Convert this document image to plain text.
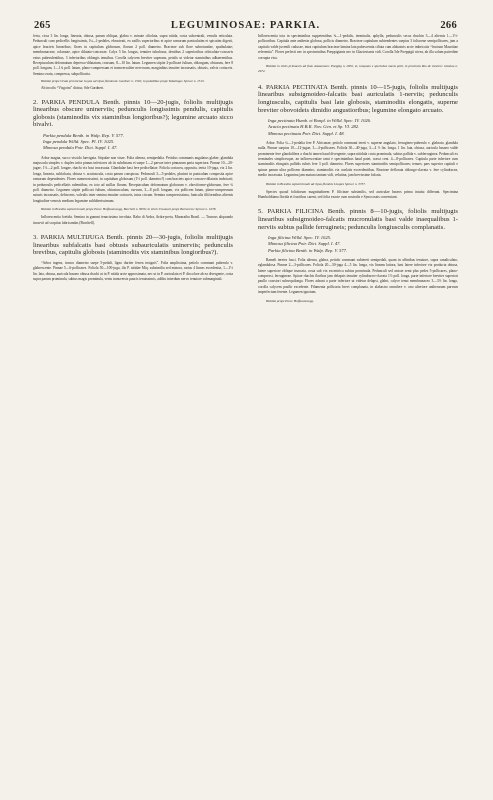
265	LEGUMINOSAE: PARKIA.	266

ferta, circa 3 lin. longa, linearia, obtusa, parum obliqua, glabra v. minute ciliolata, supra nitida, costa subcentrali, venulis reticulata. Pedunculi cum pedicellis longissimis, l¼—l-pedales, ebracteati, ex axillis superioribus et apice ramorum paniculatim et spicatim digesti, apice bracteis linearibus; flores in capitulum globosum, florum 2 poll. diametro. Bracteae sub flore subrotundae, spathulatae; membranaceae, colaratae, apice dilatato-concavae. Calyx 5 lin. longus, tenuiter tubulosus, dentibus 2 superioribus orbiculato-concavis extus puberulentibus, 3 inferioribus oblongis tenuibus. Corolla calycem breviter superans, petalis ut videtur staminibus adhaerentibus. Receptaculum deformatum depresso-dilatatum, crassum, 8—10 lin. latum. Legumen stipite 2-pollicari fultum, oblongum, obtusum, fere 8 poll. longum, 1—1¼ poll. latum, plano-compressum et transversaliter nervosum, marginibus tenuiter incrassatis, obtusis, valvis coriaceis. Semina ovata, compressa, subpollicaria.

Habitat prope Orata provinciae Goyaz ad ripas fluminum: Gardner n. 1592; in paludibus prope Tabatinga: Spruce n. 1513.

Ab incolis “Visgoira” dicitur, Sde Gardneri.

2. PARKIA PENDULA Benth. pinnis 10—20-jugis, foliolis multijugis linearibus obscure uninerviis; pedunculis longissimis pendulis, capitulis globosis (staminodiis vix staminibus longioribus?); legumine arcuato sicco bivalvi.
Parkia pendula Benth. in Walp. Rep. V. 577.
Inga pendula Willd. Spec. Pl. IV. 1025.
Mimosa pendula Poir. Dict. Suppl. I. 47.

Arbor magna, succo viscido laevigata. Stipulae non visae. Folia alterna, semipedalia. Petiolus communis angulatus glaber; glandula majuscula simplex v. duplex infra pinnas inferiores ab iis subdistans et saepe 1—2 parvae inter pinnarum paria superiora. Pinnae 10—20-jugae, 1½—2 poll. longae, rhachi vix basi incrassata. Glandulae basi fere pedicellatae. Foliola coriacea, opposita, tertia 10-juga, vix 2 lin. longa, linearia, subfalcata, obtusa v. acutiuscula, costa parum conspicua. Pedunculi 3—5-pedales, plurimi in paniculam composita apice ramorum dependentes. Flores numerosissimi, in capitulum globosum (1½ poll. diametro?) cum bracteis apice concavo-dilatatis imbricati; in pedunculis pedicellatis rubentibus, ex toto ad axillas florum. Receptaculum deformatum globosum v. oboviforme-globosum, fere ¾ poll. diametro. Legumen stipite pollicari fultum, obtusiusculum, curvum, 3—8 poll. longum, vix pollicem latum, plano-compressum suturis incrassatis, dehiscens, valvulis inter semina tenuiter coriaceis, intus circum. Semina compressissima, funiculis filiformibus alternis longitudine venosis medium legumine subhiberissimum.

Habitat in Brasilia septentrionali prope Para: Hoffmannsegg, Burchell n. 9656; in silvis Uraunari prope Barrarens: Spruce n. 1078.

Inflorescentia foetida. Semina in gummi tenacissimo involuta. Rabo di Ardra, Ardra-preta, Muraraiba Brasil. — Truncus aliquando incurvit ad scopitas fabricandas (Burchell).

3. PARKIA MULTIJUGA Benth. pinnis 20—30-jugis, foliolis multijugis linearibus subfalcatis basi obtusis subauriculatis uninerviis; pedunculis brevibus, capitulis globosis (staminodiis vix staminibus longioribus?).

“Arbor ingens, trunco diametro saepe 5-pedali, ligno duriter ferrea insignis”. Folia amplissima, petiolo communi puberulo v. glabrescente. Pinnae 5—6-pollicares. Foliola 50—100-juga, ilis P. nitidae Miq. subsimilia sed minora, rarius 4 lineas excedentia, 1—1½ lin. lata, obtusa, auricula basaeo obtusa rhachi ut in P. nitida arcte approximata, nec ut in P. auriculata et P. discolore ab ea divergente, costa supra parum prominula, subtus magis prominula, venis transversis paucis tenuissimis, addito interdum nervo tenuiore submarginali.

Inflorescentia tota in speciminibus suppetentibus ¾—1-pedalis, terminalis, aphylla, pedunculis secus rhachin 3—4 alternis 1—1½-pollicaribus. Capitula ante anthesin globosa, pollicis diametro. Bracteae capitulum subtendentes saepius 3 foliaceae semipollicares, jam a capitulo valde juvenili caducae, intra capitulum bracteae lamina lata pubescentia ciliata cum alabastris arcte imbricatis “fructum Mauritiae referentia”. Flores perfecti nec in speciminibus Poeppigianis nec in Glaziovianis vidi. Corolla 5de Poeppigii nivea, ab illa solum putredine corrupta visa.

Habitat in silvis primaevis ad flum Amazonum: Poeppig n. 2832, et, tunquam e speciebus maxis petit, in provincia Rio de Janeiro: Glaziou n. 2972.

4. PARKIA PECTINATA Benth. pinnis 10—15-jugis, foliolis multijugis linearibus subsigmoideo-falcatis basi auriculatis 1-nerviis; pedunculis longiusculis, capitulis basi late globosis, staminodiis elongatis, superne breviter obovoideis dimidio angustioribus; legumine elongato arcuato.
Inga pectinata Humb. et Bonpl. in Willd. Spec. IV. 1026.
Acacia pectinata H.B.K. Nov. Gen. et Sp. VI. 282.
Mimosa pectinata Poir. Dict. Suppl. I. 48.

Arbor. Folia ¾—1-pedalia fere P. Africanae, petiolo communi tereti v. superne angulato, ferrugineo-puberulo v. glabrato, glandula nulla. Pinnae saepius 10—12-jugae, 3—4-pollicares. Foliola 30—40-juga, 3—4 ½ lin. longa, 1 lin. lata, obtusa, auricula basaeo valde prominente fere glandulifera a rhachi tamen haud divergente, supra nitidula costa prominula, subtus pallida v. subferruginea. Pedunculi ex terminales simplicesque, an inflorescentiae rami e speciminibus haud patet, crassi cent. 4—8-pollicares. Capitula parte inferiore cum staminodiis elongatis pallidis rubris fere 3 poll. diametro. Flores superiores staminodiis semipollicares; tenues; pars superior capituli e spinae parum ultra pollicem diametro, staminodiis vix conlatis exceedentibus. Bracteae deflorata oblongo-clavata v. fere cylindracea, medio incrassata. Legumina jam matura tantum vidi, velutina, jam brevissime falcata.

Habitat in Brasilia septentrionali ad ripas fluminis Uaupes Spruce n. 3737.

Species quoad foliolorum magnitudinem P. filicinae subsimilis, sed auriculae baseos prima intuitu differunt. Specimina Humboldtiana florida et fructibus carent, sed folia exacte cum nostralis e Synocosais conveniunt.

5. PARKIA FILICINA Benth. pinnis 8—10-jugis, foliolis multijugis linearibus subsigmoideo-falcatis mucronulatis basi valde inaequalibus 1-nerviis subtus pallide ferrugineis; pedunculis longiusculis complanatis.
Inga filicina Willd. Spec. IV. 1025.
Mimosa filicina Poir. Dict. Suppl. I. 47.
Parkia filicina Benth. in Walp. Rep. V. 577.

Rameli teretes fusci. Folia alterna, glabra, petiolo communi subtereti semipedali, quam in affinibus tenuiore, supra canaliculato, eglandulosa. Pinnae 2—3-pollicares. Foliola 20—30-juga 4—5 lin. longa, vix lineam latiora, basi latere inferiore vix producta obtusa, latere superiore oblique truncata, costa sub vix excentrica subtus prominula. Pedunculi sed anicae semi plus pedes 5-pollicares, plano-compressi, ferrugineae. Spicae rhachis floribus jam delapsis tenuiter cylindraceo-clavata 1½ poll. longa, parte inferiore breviter superiori paullo crassiori subsequilonga. Flores adsunt a parte inferiore ut videtur delapsi, glabri, calyce tenui membranaceo 3—3½ lin. longo, corolla calycem paullo excedente. Filamenta pollicaria brevi complanata, in alabastro omnifere v. ono ulteriore antherarum parvum imperfectum ferente. Legumen ignotum.

Habitat prope Para: Hoffmannsegg.
